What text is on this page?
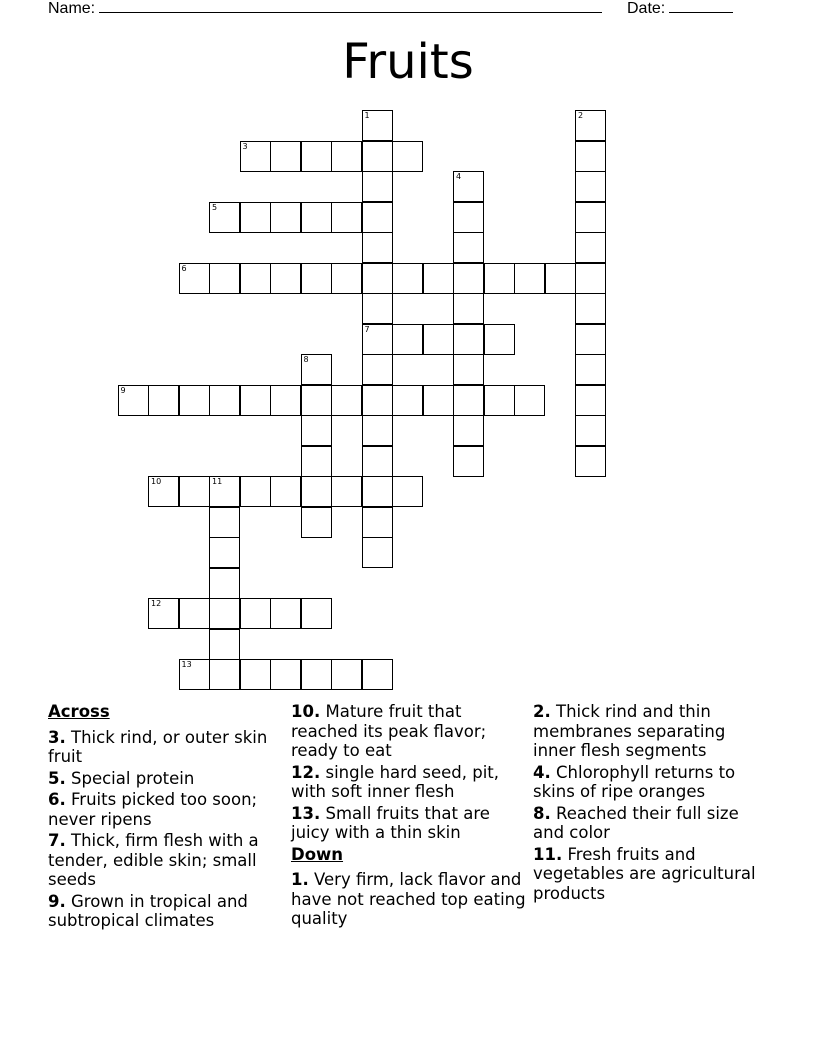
Name:	Date:
Fruits
1
7
2
3
4
5
6
8
9
10	11
12
13

Across

3. Thick rind, or outer skin fruit

5. Special protein

6. Fruits picked too soon; never ripens

7. Thick, firm flesh with a tender, edible skin; small seeds

9. Grown in tropical and subtropical climates

10. Mature fruit that reached its peak flavor; ready to eat

12. single hard seed, pit, with soft inner flesh

13. Small fruits that are juicy with a thin skin

Down

1. Very firm, lack flavor and have not reached top eating quality

2. Thick rind and thin membranes separating inner flesh segments

4. Chlorophyll returns to skins of ripe oranges

8. Reached their full size and color

11. Fresh fruits and vegetables are agricultural products
